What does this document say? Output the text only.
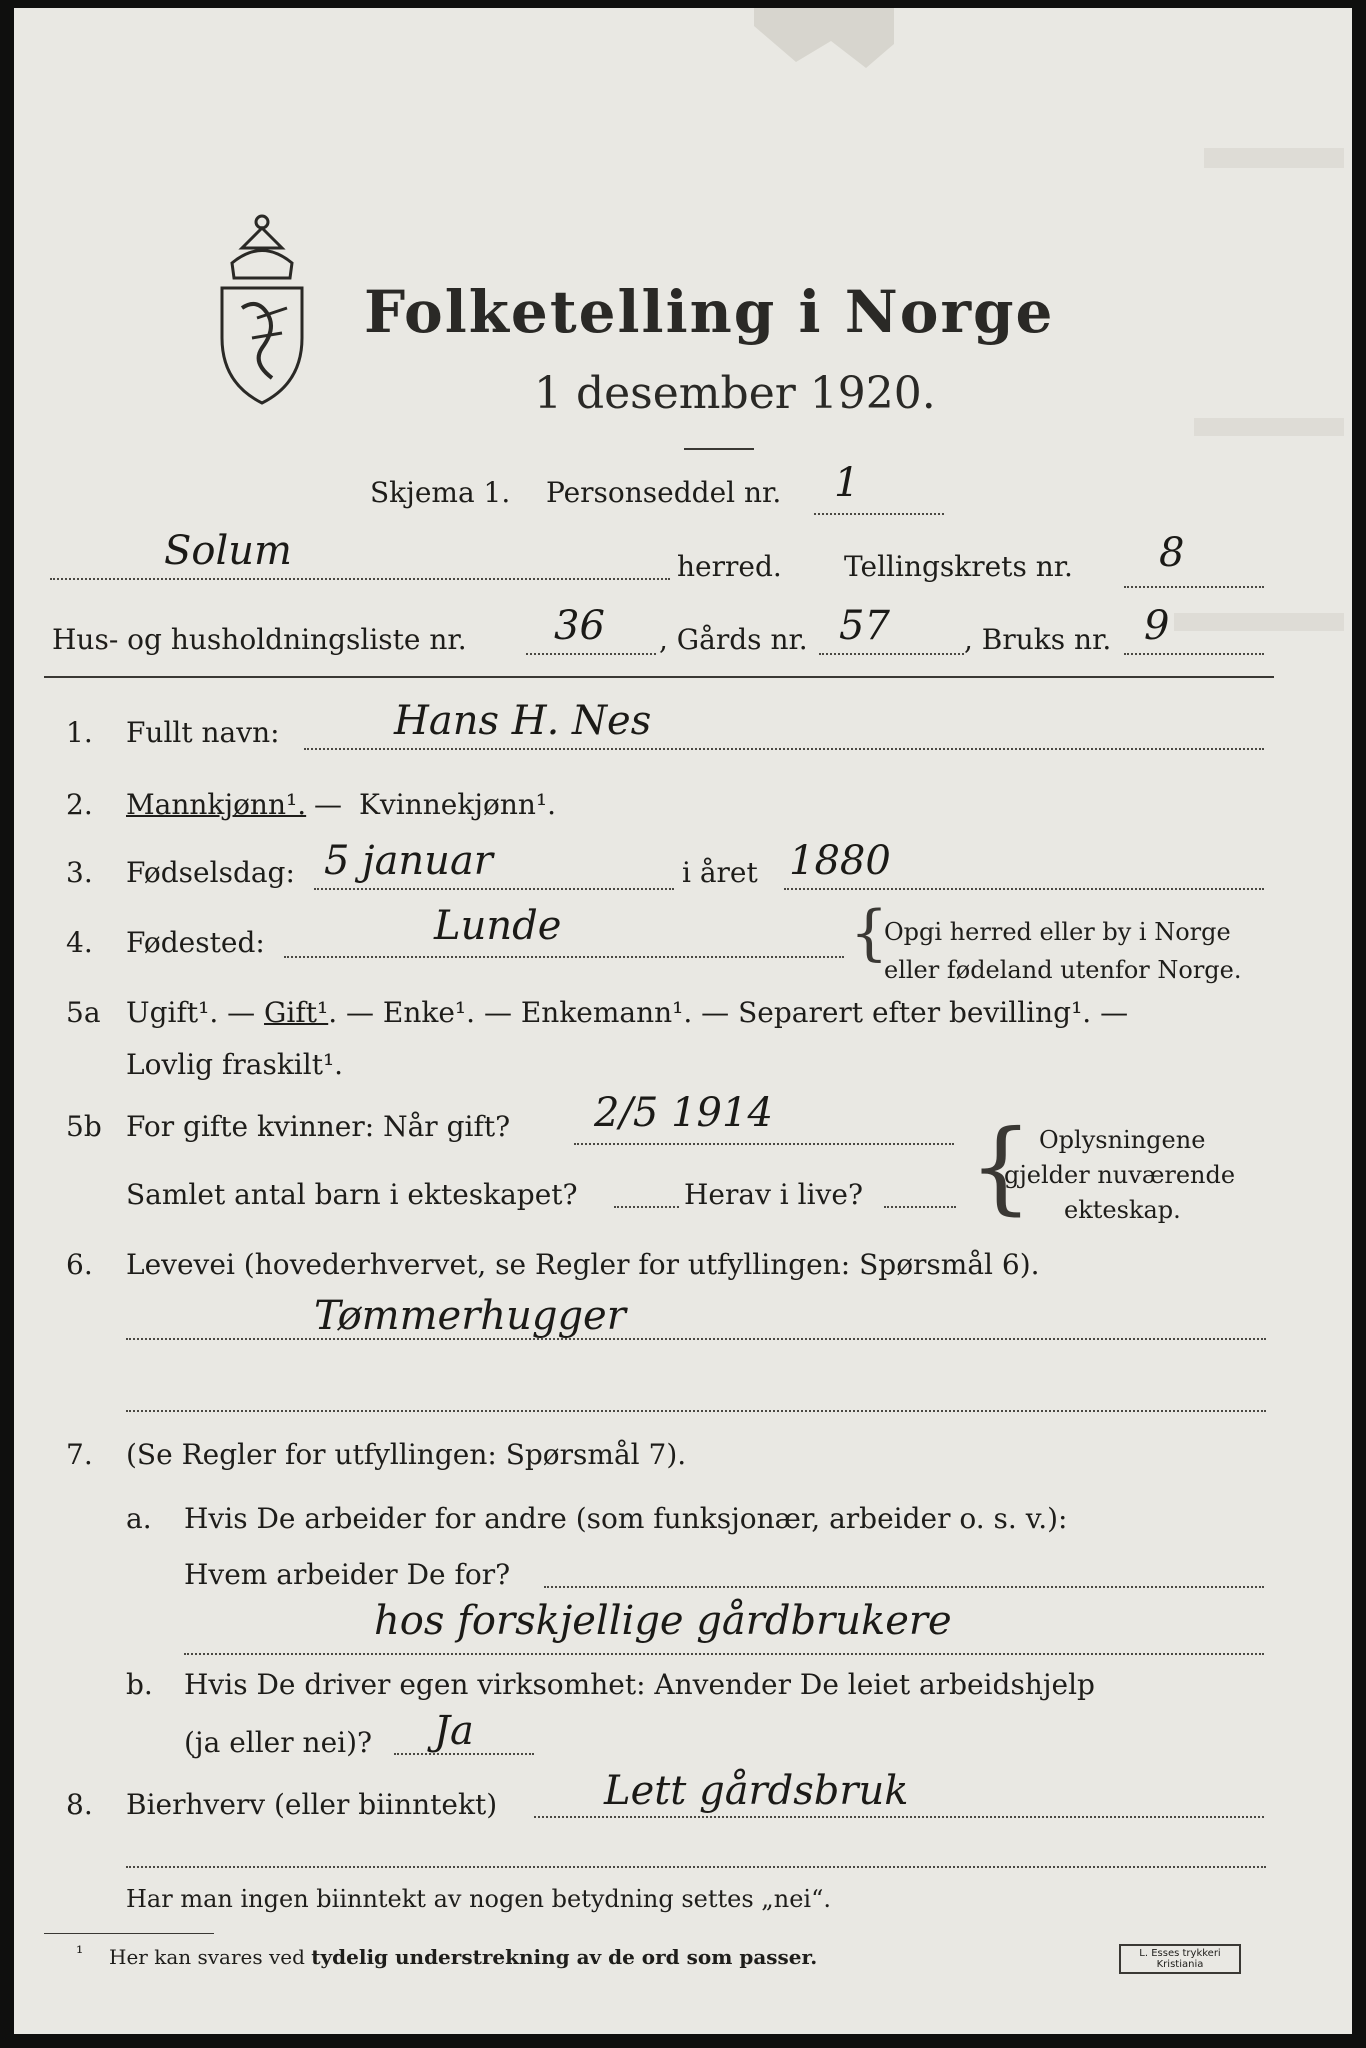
Folketelling i Norge
1 desember 1920.
Skjema 1. Personseddel nr. 1
Solum	herred. Tellingskrets nr. 8
Hus- og husholdningsliste nr. 36 , Gårds nr. 57	, Bruks nr. 9
1. Fullt navn:	Hans H. Nes
2. Mannkjønn¹. — Kvinnekjønn¹.
3. Fødselsdag: 5 januar	i året 1880
4. Fødested:	Lunde	{
Opgi herred eller by i Norge
eller fødeland utenfor Norge.
5a Ugift¹. — Gift¹. — Enke¹. — Enkemann¹. — Separert efter bevilling¹. —
Lovlig fraskilt¹.
5b For gifte kvinner: Når gift? 2/5 1914
Samlet antal barn i ekteskapet?	Herav i live? { Oplysningene
gjelder nuværende
ekteskap.
6. Levevei (hovederhvervet, se Regler for utfyllingen: Spørsmål 6).
Tømmerhugger
7. (Se Regler for utfyllingen: Spørsmål 7).
a. Hvis De arbeider for andre (som funksjonær, arbeider o. s. v.):
Hvem arbeider De for?
hos forskjellige gårdbrukere
b. Hvis De driver egen virksomhet: Anvender De leiet arbeidshjelp
(ja eller nei)? Ja
8. Bierhverv (eller biinntekt)	Lett gårdsbruk
Har man ingen biinntekt av nogen betydning settes „nei“.
¹ Her kan svares ved tydelig understrekning av de ord som passer.	L. Esses trykkeri
Kristiania
